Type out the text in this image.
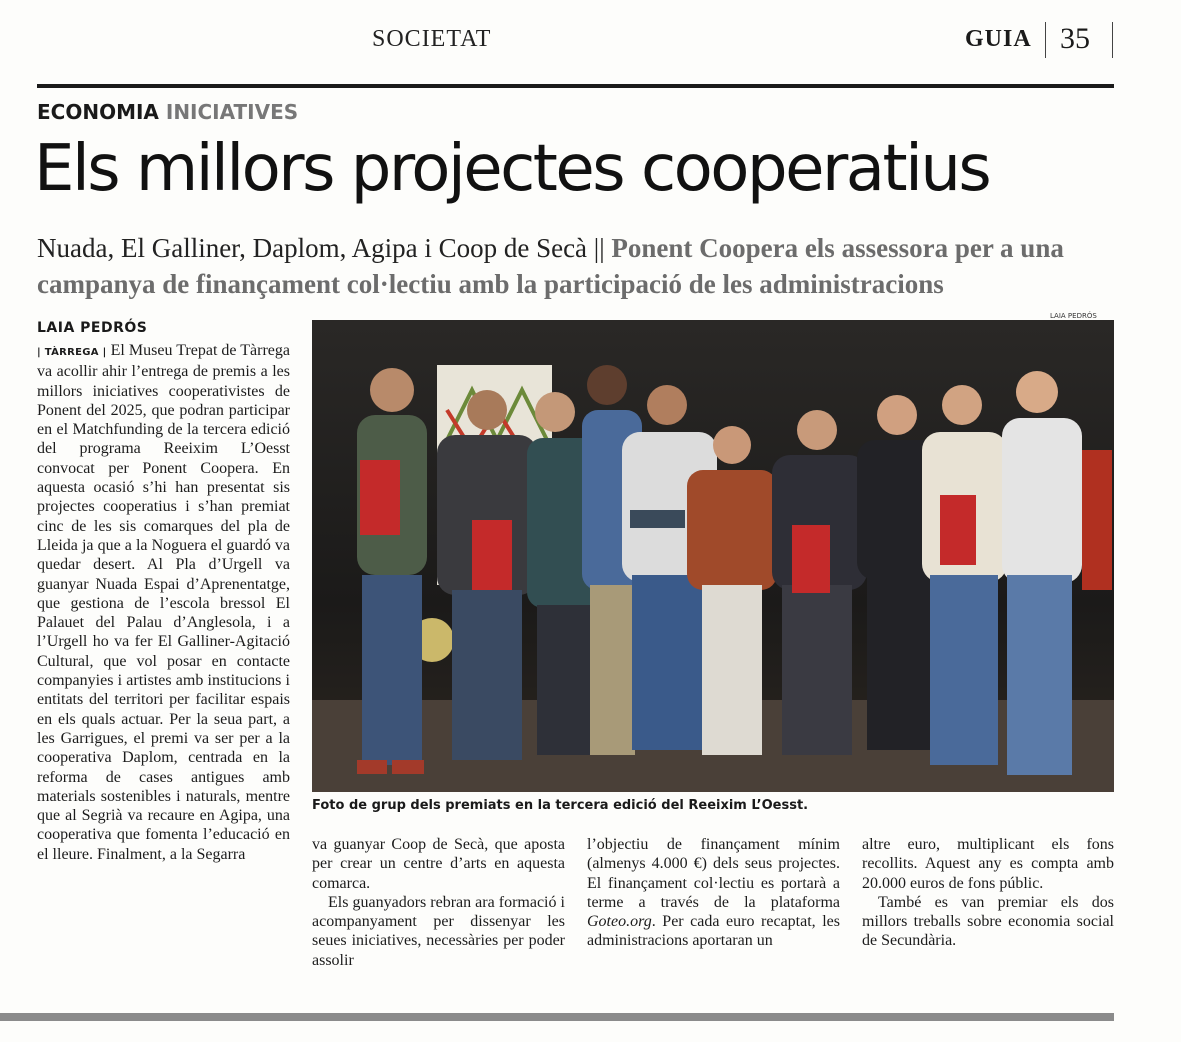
SOCIETAT	GUIA 35
ECONOMIA INICIATIVES
Els millors projectes cooperatius
Nuada, El Galliner, Daplom, Agipa i Coop de Secà || Ponent Coopera els assessora per a una campanya de finançament col·lectiu amb la participació de les administracions
LAIA PEDRÓS
LAIA PEDRÓS

| TÀRREGA | El Museu Trepat de Tàrrega va acollir ahir l’entrega de premis a les millors iniciatives cooperativistes de Ponent del 2025, que podran participar en el Matchfunding de la tercera edició del programa Reeixim L’Oesst convocat per Ponent Coopera. En aquesta ocasió s’hi han presentat sis projectes cooperatius i s’han premiat cinc de les sis comarques del pla de Lleida ja que a la Noguera el guardó va quedar desert. Al Pla d’Urgell va guanyar Nuada Espai d’Aprenentatge, que gestiona de l’escola bressol El Palauet del Palau d’Anglesola, i a l’Urgell ho va fer El Galliner-Agitació Cultural, que vol posar en contacte companyies i artistes amb institucions i entitats del territori per facilitar espais en els quals actuar. Per la seua part, a les Garrigues, el premi va ser per a la cooperativa Daplom, centrada en la reforma de cases antigues amb materials sostenibles i naturals, mentre que al Segrià va recaure en Agipa, una cooperativa que fomenta l’educació en el lleure. Finalment, a la Segarra

Foto de grup dels premiats en la tercera edició del Reeixim L’Oesst.

va guanyar Coop de Secà, que aposta per crear un centre d’arts en aquesta comarca.

Els guanyadors rebran ara formació i acompanyament per dissenyar les seues iniciatives, necessàries per poder assolir

l’objectiu de finançament mínim (almenys 4.000 €) dels seus projectes. El finançament col·lectiu es portarà a terme a través de la plataforma Goteo.org. Per cada euro recaptat, les administracions aportaran un

altre euro, multiplicant els fons recollits. Aquest any es compta amb 20.000 euros de fons públic.

També es van premiar els dos millors treballs sobre economia social de Secundària.
